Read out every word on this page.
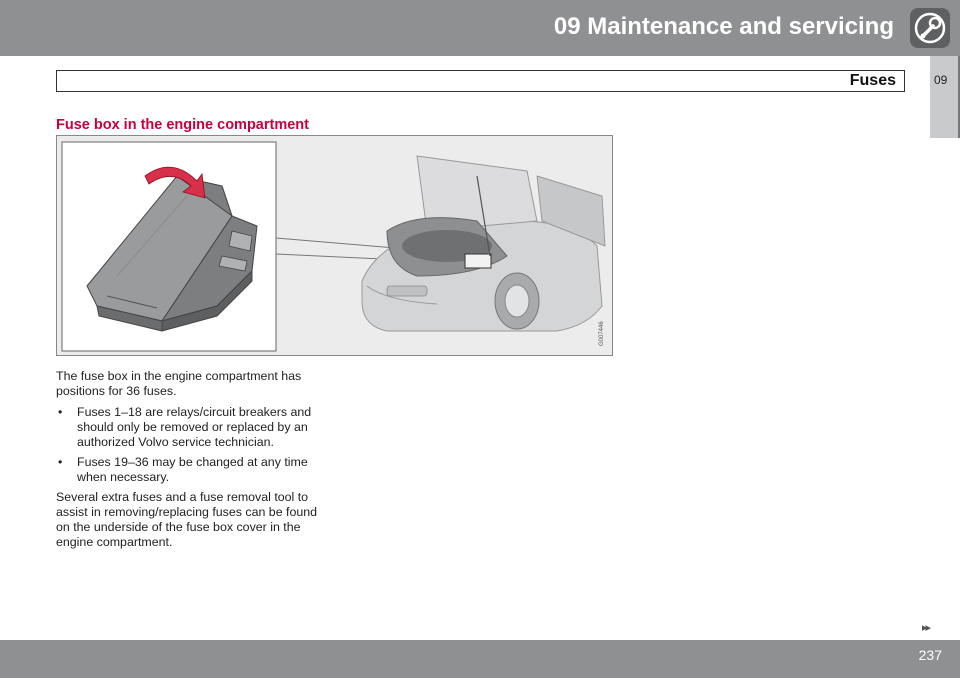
09 Maintenance and servicing
Fuses	09
Fuse box in the engine compartment
G007446
The fuse box in the engine compartment has positions for 36 fuses.
• Fuses 1–18 are relays/circuit breakers and should only be removed or replaced by an authorized Volvo service technician.
• Fuses 19–36 may be changed at any time when necessary.
Several extra fuses and a fuse removal tool to assist in removing/replacing fuses can be found on the underside of the fuse box cover in the engine compartment.
▸▸
237
